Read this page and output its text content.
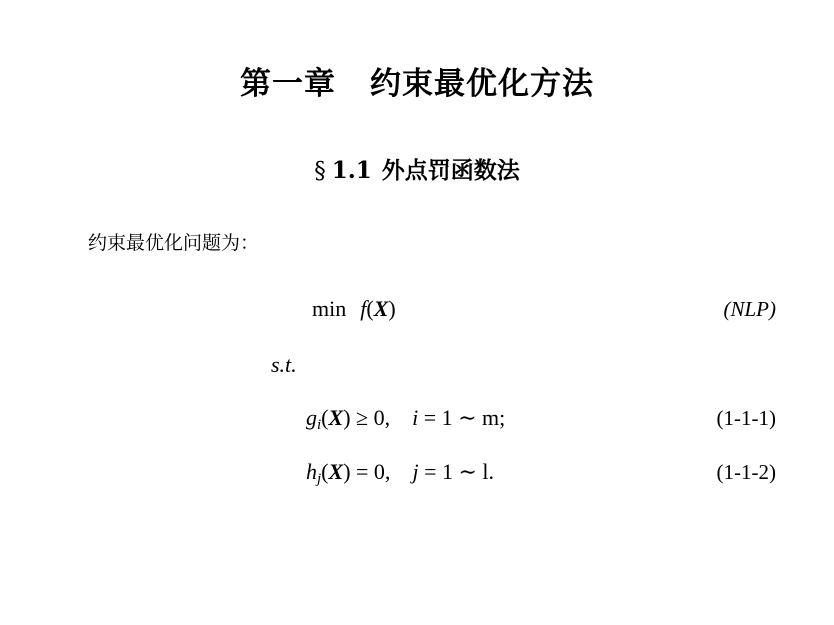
第一章 约束最优化方法
§ 1.1 外点罚函数法
约束最优化问题为：
min f(X)	(NLP)
s.t.
$g_i(X) \ge 0$, i = 1 ∼ m;	(1-1-1)
$h_j(X) = 0$, j = 1 ∼ l.	(1-1-2)
